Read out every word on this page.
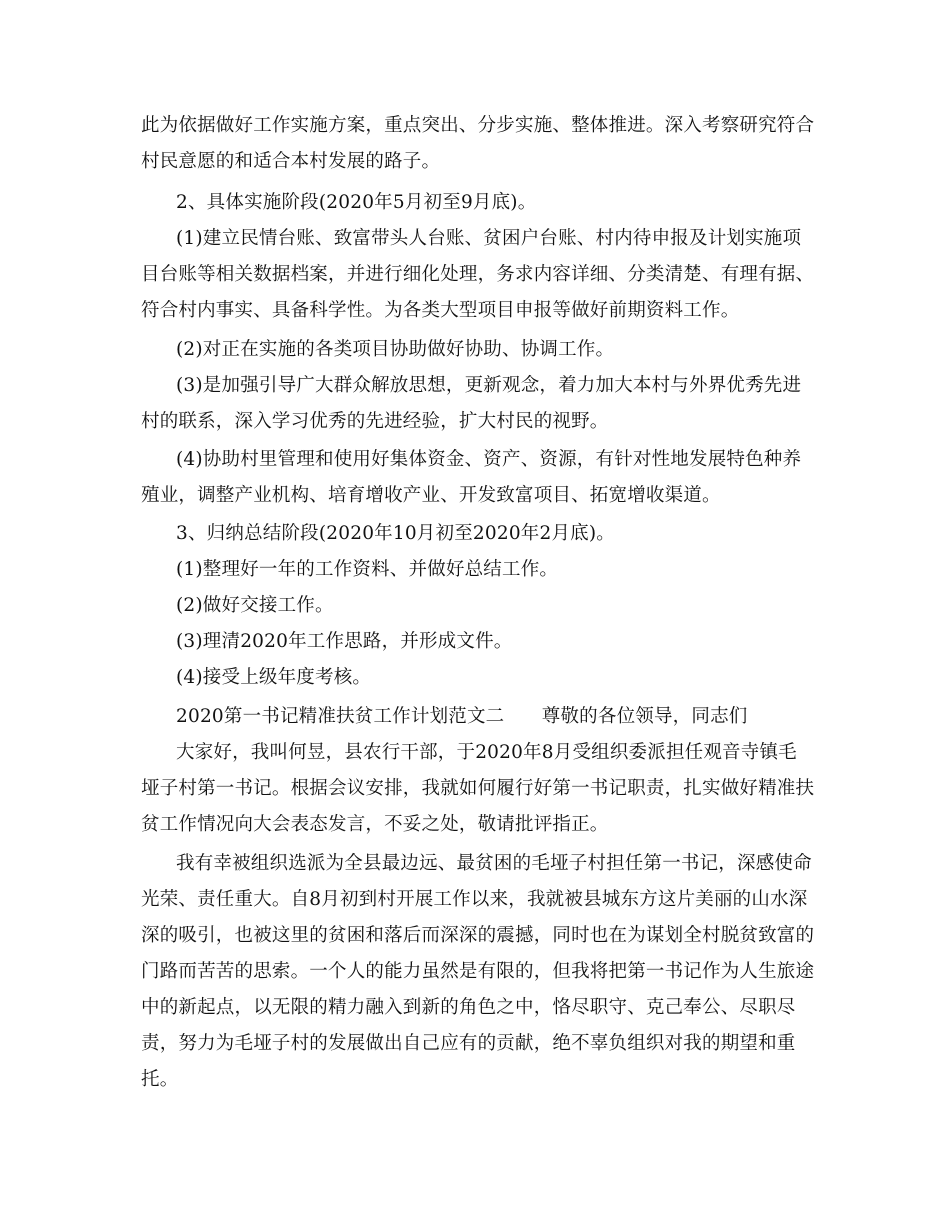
此为依据做好工作实施方案，重点突出、分步实施、整体推进。深入考察研究符合
村民意愿的和适合本村发展的路子。
2、具体实施阶段(2020年5月初至9月底)。
(1)建立民情台账、致富带头人台账、贫困户台账、村内待申报及计划实施项
目台账等相关数据档案，并进行细化处理，务求内容详细、分类清楚、有理有据、
符合村内事实、具备科学性。为各类大型项目申报等做好前期资料工作。
(2)对正在实施的各类项目协助做好协助、协调工作。
(3)是加强引导广大群众解放思想，更新观念，着力加大本村与外界优秀先进
村的联系，深入学习优秀的先进经验，扩大村民的视野。
(4)协助村里管理和使用好集体资金、资产、资源，有针对性地发展特色种养
殖业，调整产业机构、培育增收产业、开发致富项目、拓宽增收渠道。
3、归纳总结阶段(2020年10月初至2020年2月底)。
(1)整理好一年的工作资料、并做好总结工作。
(2)做好交接工作。
(3)理清2020年工作思路，并形成文件。
(4)接受上级年度考核。
2020第一书记精准扶贫工作计划范文二　　尊敬的各位领导，同志们
大家好，我叫何昱，县农行干部，于2020年8月受组织委派担任观音寺镇毛
垭子村第一书记。根据会议安排，我就如何履行好第一书记职责，扎实做好精准扶
贫工作情况向大会表态发言，不妥之处，敬请批评指正。
我有幸被组织选派为全县最边远、最贫困的毛垭子村担任第一书记，深感使命
光荣、责任重大。自8月初到村开展工作以来，我就被县城东方这片美丽的山水深
深的吸引，也被这里的贫困和落后而深深的震撼，同时也在为谋划全村脱贫致富的
门路而苦苦的思索。一个人的能力虽然是有限的，但我将把第一书记作为人生旅途
中的新起点，以无限的精力融入到新的角色之中，恪尽职守、克己奉公、尽职尽
责，努力为毛垭子村的发展做出自己应有的贡献，绝不辜负组织对我的期望和重
托。
